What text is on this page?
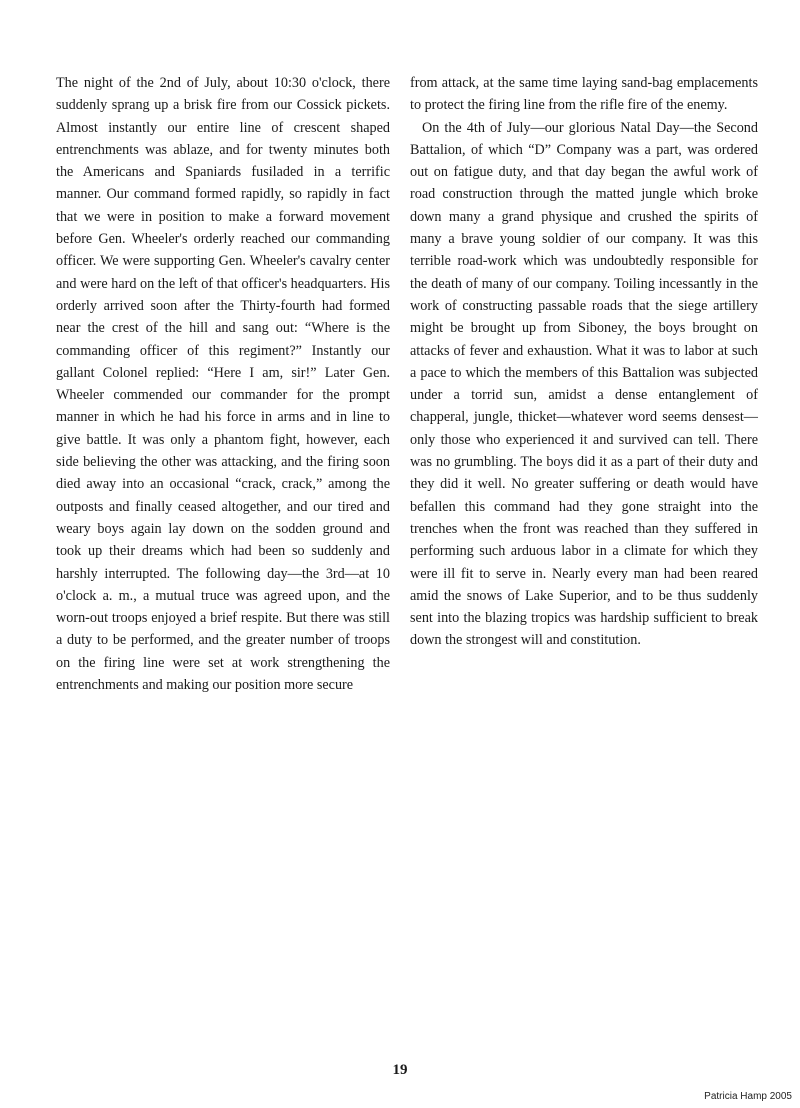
The night of the 2nd of July, about 10:30 o'clock, there suddenly sprang up a brisk fire from our Cossick pickets. Almost instantly our entire line of crescent shaped entrenchments was ablaze, and for twenty minutes both the Americans and Spaniards fusiladed in a terrific manner. Our command formed rapidly, so rapidly in fact that we were in position to make a forward movement before Gen. Wheeler's orderly reached our commanding officer. We were supporting Gen. Wheeler's cavalry center and were hard on the left of that officer's headquarters. His orderly arrived soon after the Thirty-fourth had formed near the crest of the hill and sang out: “Where is the commanding officer of this regiment?” Instantly our gallant Colonel replied: “Here I am, sir!” Later Gen. Wheeler commended our commander for the prompt manner in which he had his force in arms and in line to give battle. It was only a phantom fight, however, each side believing the other was attacking, and the firing soon died away into an occasional “crack, crack,” among the outposts and finally ceased altogether, and our tired and weary boys again lay down on the sodden ground and took up their dreams which had been so suddenly and harshly interrupted. The following day—the 3rd—at 10 o'clock a. m., a mutual truce was agreed upon, and the worn-out troops enjoyed a brief respite. But there was still a duty to be performed, and the greater number of troops on the firing line were set at work strengthening the entrenchments and making our position more secure

from attack, at the same time laying sand-bag emplacements to protect the firing line from the rifle fire of the enemy.

On the 4th of July—our glorious Natal Day—the Second Battalion, of which “D” Company was a part, was ordered out on fatigue duty, and that day began the awful work of road construction through the matted jungle which broke down many a grand physique and crushed the spirits of many a brave young soldier of our company. It was this terrible road-work which was undoubtedly responsible for the death of many of our company. Toiling incessantly in the work of constructing passable roads that the siege artillery might be brought up from Siboney, the boys brought on attacks of fever and exhaustion. What it was to labor at such a pace to which the members of this Battalion was subjected under a torrid sun, amidst a dense entanglement of chapperal, jungle, thicket—whatever word seems densest—only those who experienced it and survived can tell. There was no grumbling. The boys did it as a part of their duty and they did it well. No greater suffering or death would have befallen this command had they gone straight into the trenches when the front was reached than they suffered in performing such arduous labor in a climate for which they were ill fit to serve in. Nearly every man had been reared amid the snows of Lake Superior, and to be thus suddenly sent into the blazing tropics was hardship sufficient to break down the strongest will and constitution.

19
Patricia Hamp 2005
